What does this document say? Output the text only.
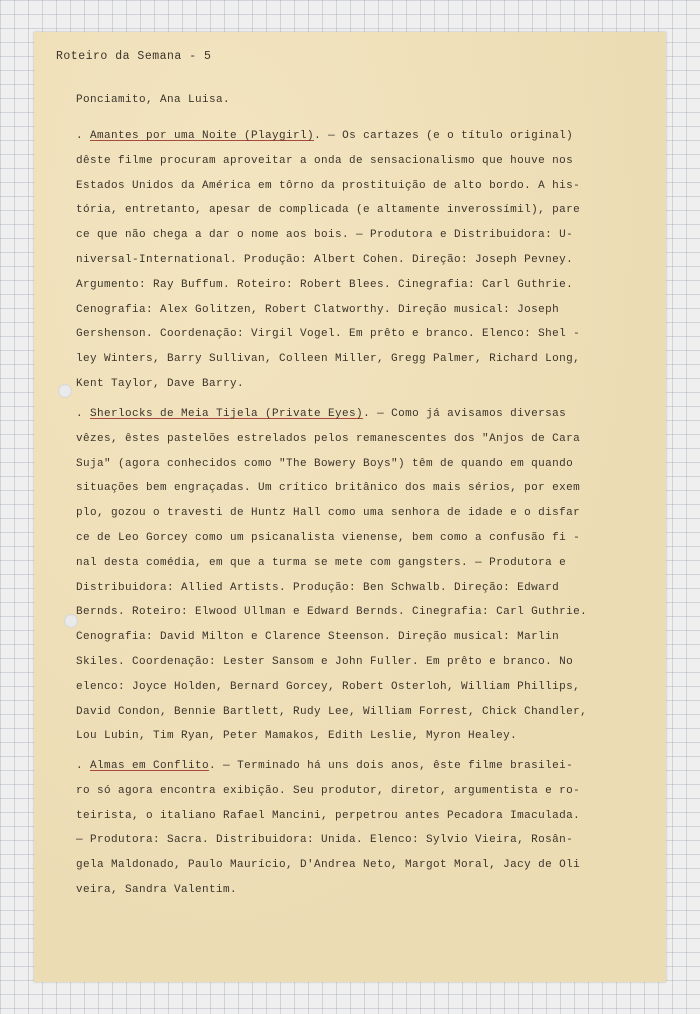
Roteiro da Semana - 5
Ponciamito, Ana Luisa.
. Amantes por uma Noite (Playgirl). — Os cartazes (e o título original)
dêste filme procuram aproveitar a onda de sensacionalismo que houve nos
Estados Unidos da América em tôrno da prostituição de alto bordo. A his-
tória, entretanto, apesar de complicada (e altamente inverossímil), pare
ce que não chega a dar o nome aos bois. — Produtora e Distribuidora: U-
niversal-International. Produção: Albert Cohen. Direção: Joseph Pevney.
Argumento: Ray Buffum. Roteiro: Robert Blees. Cinegrafia: Carl Guthrie.
Cenografia: Alex Golitzen, Robert Clatworthy. Direção musical: Joseph
Gershenson. Coordenação: Virgil Vogel. Em prêto e branco. Elenco: Shel -
ley Winters, Barry Sullivan, Colleen Miller, Gregg Palmer, Richard Long,
Kent Taylor, Dave Barry.
. Sherlocks de Meia Tijela (Private Eyes). — Como já avisamos diversas
vêzes, êstes pastelões estrelados pelos remanescentes dos "Anjos de Cara
Suja" (agora conhecidos como "The Bowery Boys") têm de quando em quando
situações bem engraçadas. Um crítico britânico dos mais sérios, por exem
plo, gozou o travesti de Huntz Hall como uma senhora de idade e o disfar
ce de Leo Gorcey como um psicanalista vienense, bem como a confusão fi -
nal desta comédia, em que a turma se mete com gangsters. — Produtora e
Distribuidora: Allied Artists. Produção: Ben Schwalb. Direção: Edward
Bernds. Roteiro: Elwood Ullman e Edward Bernds. Cinegrafia: Carl Guthrie.
Cenografia: David Milton e Clarence Steenson. Direção musical: Marlin
Skiles. Coordenação: Lester Sansom e John Fuller. Em prêto e branco. No
elenco: Joyce Holden, Bernard Gorcey, Robert Osterloh, William Phillips,
David Condon, Bennie Bartlett, Rudy Lee, William Forrest, Chick Chandler,
Lou Lubin, Tim Ryan, Peter Mamakos, Edith Leslie, Myron Healey.
. Almas em Conflito. — Terminado há uns dois anos, êste filme brasilei-
ro só agora encontra exibição. Seu produtor, diretor, argumentista e ro-
teirista, o italiano Rafael Mancini, perpetrou antes Pecadora Imaculada.
— Produtora: Sacra. Distribuidora: Unida. Elenco: Sylvio Vieira, Rosân-
gela Maldonado, Paulo Maurício, D'Andrea Neto, Margot Moral, Jacy de Oli
veira, Sandra Valentim.
